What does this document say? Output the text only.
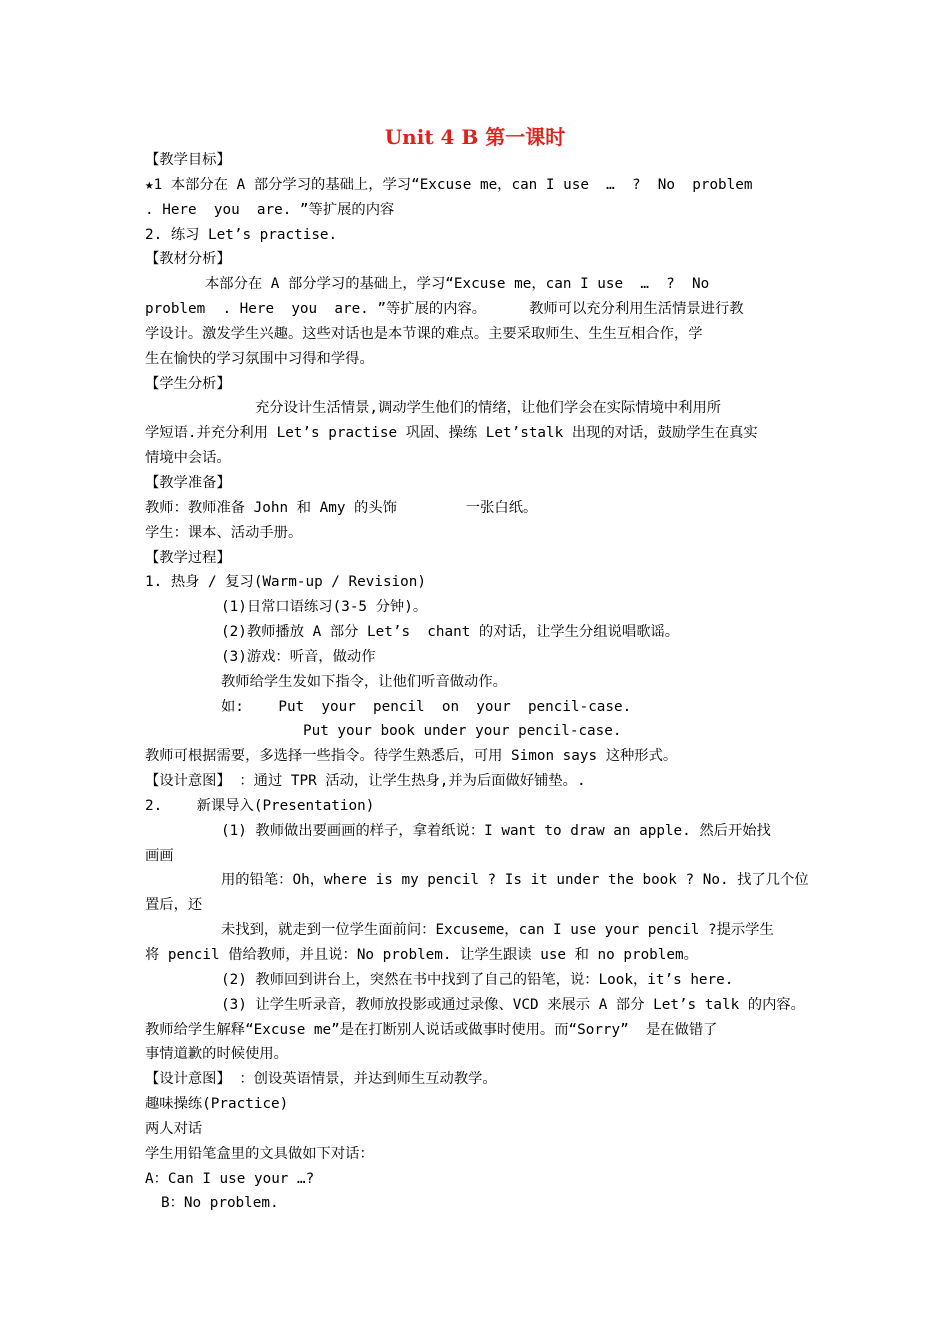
Unit 4 B 第一课时
【教学目标】
★1 本部分在 A 部分学习的基础上，学习“Excuse me，can I use  …  ?  No  problem
. Here  you  are. ”等扩展的内容
2. 练习 Let’s practise.
【教材分析】
本部分在 A 部分学习的基础上，学习“Excuse me，can I use  …  ?  No
problem  . Here  you  are. ”等扩展的内容。     教师可以充分利用生活情景进行教
学设计。激发学生兴趣。这些对话也是本节课的难点。主要采取师生、生生互相合作，学
生在愉快的学习氛围中习得和学得。
【学生分析】
充分设计生活情景,调动学生他们的情绪，让他们学会在实际情境中利用所
学短语.并充分利用 Let’s practise 巩固、操练 Let’stalk 出现的对话，鼓励学生在真实
情境中会话。
【教学准备】
教师：教师准备 John 和 Amy 的头饰        一张白纸。
学生：课本、活动手册。
【教学过程】
1. 热身 / 复习(Warm-up / Revision)
(1)日常口语练习(3-5 分钟)。
(2)教师播放 A 部分 Let’s  chant 的对话，让学生分组说唱歌谣。
(3)游戏：听音，做动作
教师给学生发如下指令，让他们听音做动作。
如:    Put  your  pencil  on  your  pencil-case.
Put your book under your pencil-case.
教师可根据需要，多选择一些指令。待学生熟悉后，可用 Simon says 这种形式。
【设计意图】 ：通过 TPR 活动，让学生热身,并为后面做好铺垫。.
2.    新课导入(Presentation)
(1) 教师做出要画画的样子，拿着纸说：I want to draw an apple. 然后开始找
画画
用的铅笔：Oh，where is my pencil ? Is it under the book ? No. 找了几个位
置后，还
未找到，就走到一位学生面前问：Excuseme，can I use your pencil ?提示学生
将 pencil 借给教师，并且说：No problem. 让学生跟读 use 和 no problem。
(2) 教师回到讲台上，突然在书中找到了自己的铅笔，说：Look，it’s here.
(3) 让学生听录音，教师放投影或通过录像、VCD 来展示 A 部分 Let’s talk 的内容。
教师给学生解释“Excuse me”是在打断别人说话或做事时使用。而“Sorry”  是在做错了
事情道歉的时候使用。
【设计意图】 ：创设英语情景，并达到师生互动教学。
趣味操练(Practice)
两人对话
学生用铅笔盒里的文具做如下对话：
A：Can I use your …?
B：No problem.
